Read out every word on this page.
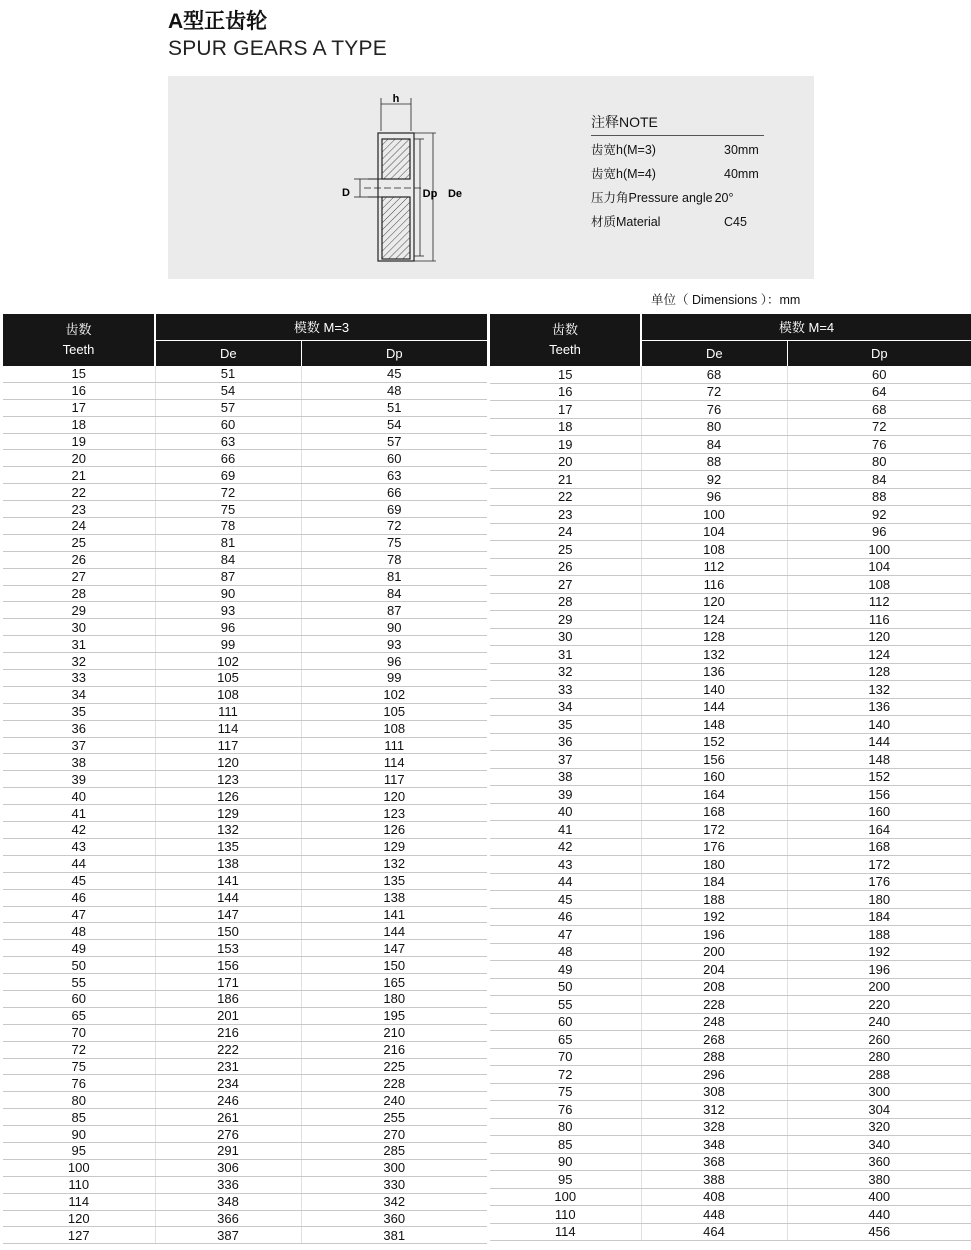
A型正齿轮
SPUR GEARS A TYPE
h
D	Dp De
注释NOTE
齿宽h(M=3)	30mm
齿宽h(M=4)	40mm
压力角Pressure angle 20°
材质Material	C45
单位（ Dimensions ）：mm
齿数
Teeth	模数 M=3	
	De	Dp
15	51	45
16	54	48
17	57	51
18	60	54
19	63	57
20	66	60
21	69	63
22	72	66
23	75	69
24	78	72
25	81	75
26	84	78
27	87	81
28	90	84
29	93	87
30	96	90
31	99	93
32	102	96
33	105	99
34	108	102
35	111	105
36	114	108
37	117	111
38	120	114
39	123	117
40	126	120
41	129	123
42	132	126
43	135	129
44	138	132
45	141	135
46	144	138
47	147	141
48	150	144
49	153	147
50	156	150
55	171	165
60	186	180
65	201	195
70	216	210
72	222	216
75	231	225
76	234	228
80	246	240
85	261	255
90	276	270
95	291	285
100	306	300
110	336	330
114	348	342
120	366	360
127	387	381
齿数
Teeth	模数 M=4	
	De	Dp
15	68	60
16	72	64
17	76	68
18	80	72
19	84	76
20	88	80
21	92	84
22	96	88
23	100	92
24	104	96
25	108	100
26	112	104
27	116	108
28	120	112
29	124	116
30	128	120
31	132	124
32	136	128
33	140	132
34	144	136
35	148	140
36	152	144
37	156	148
38	160	152
39	164	156
40	168	160
41	172	164
42	176	168
43	180	172
44	184	176
45	188	180
46	192	184
47	196	188
48	200	192
49	204	196
50	208	200
55	228	220
60	248	240
65	268	260
70	288	280
72	296	288
75	308	300
76	312	304
80	328	320
85	348	340
90	368	360
95	388	380
100	408	400
110	448	440
114	464	456
